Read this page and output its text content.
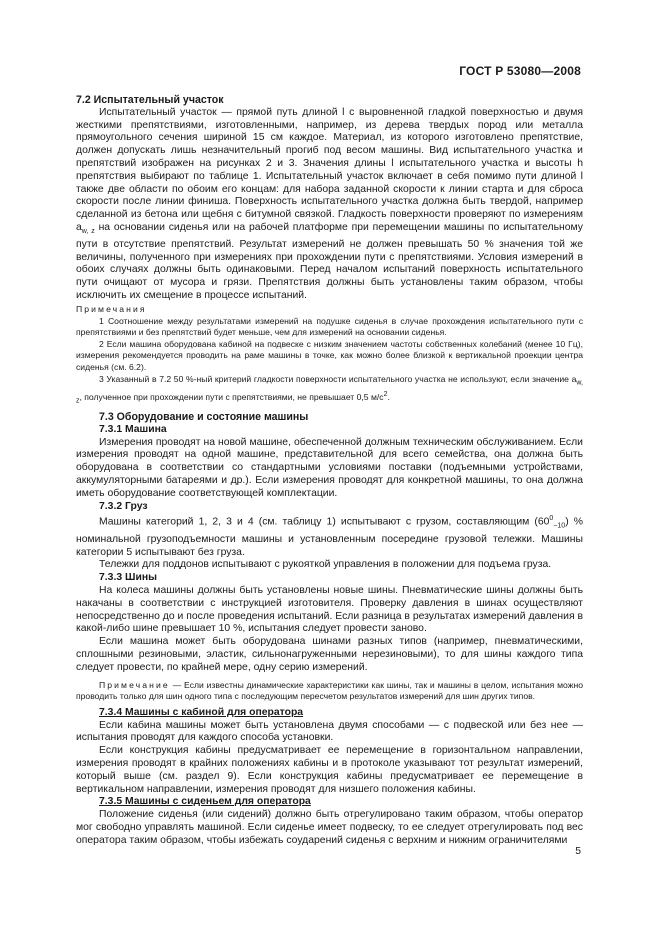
ГОСТ Р 53080—2008

7.2 Испытательный участок

Испытательный участок — прямой путь длиной l с выровненной гладкой поверхностью и двумя жесткими препятствиями, изготовленными, например, из дерева твердых пород или металла прямоугольного сечения шириной 15 см каждое. Материал, из которого изготовлено препятствие, должен допускать лишь незначительный прогиб под весом машины. Вид испытательного участка и препятствий изображен на рисунках 2 и 3. Значения длины l испытательного участка и высоты h препятствия выбирают по таблице 1. Испытательный участок включает в себя помимо пути длиной l также две области по обоим его концам: для набора заданной скорости к линии старта и для сброса скорости после линии финиша. Поверхность испытательного участка должна быть твердой, например сделанной из бетона или щебня с битумной связкой. Гладкость поверхности проверяют по измерениям $a_{w, z}$ на основании сиденья или на рабочей платформе при перемещении машины по испытательному пути в отсутствие препятствий. Результат измерений не должен превышать 50 % значения той же величины, полученного при измерениях при прохождении пути с препятствиями. Условия измерений в обоих случаях должны быть одинаковыми. Перед началом испытаний поверхность испытательного пути очищают от мусора и грязи. Препятствия должны быть установлены таким образом, чтобы исключить их смещение в процессе испытаний.

Примечания

1 Соотношение между результатами измерений на подушке сиденья в случае прохождения испытательного пути с препятствиями и без препятствий будет меньше, чем для измерений на основании сиденья.

2 Если машина оборудована кабиной на подвеске с низким значением частоты собственных колебаний (менее 10 Гц), измерения рекомендуется проводить на раме машины в точке, как можно более близкой к вертикальной проекции центра сиденья (см. 6.2).

3 Указанный в 7.2 50 %-ный критерий гладкости поверхности испытательного участка не используют, если значение $a_{w, z}$, полученное при прохождении пути с препятствиями, не превышает 0,5 $м/с^2$.

7.3 Оборудование и состояние машины

7.3.1 Машина

Измерения проводят на новой машине, обеспеченной должным техническим обслуживанием. Если измерения проводят на одной машине, представительной для всего семейства, она должна быть оборудована в соответствии со стандартными условиями поставки (подъемными устройствами, аккумуляторными батареями и др.). Если измерения проводят для конкретной машины, то она должна иметь оборудование соответствующей комплектации.

7.3.2 Груз

Машины категорий 1, 2, 3 и 4 (см. таблицу 1) испытывают с грузом, составляющим $(60^0_{-10})$ % номинальной грузоподъемности машины и установленным посередине грузовой тележки. Машины категории 5 испытывают без груза.

Тележки для поддонов испытывают с рукояткой управления в положении для подъема груза.

7.3.3 Шины

На колеса машины должны быть установлены новые шины. Пневматические шины должны быть накачаны в соответствии с инструкцией изготовителя. Проверку давления в шинах осуществляют непосредственно до и после проведения испытаний. Если разница в результатах измерений давления в какой-либо шине превышает 10 %, испытания следует провести заново.

Если машина может быть оборудована шинами разных типов (например, пневматическими, сплошными резиновыми, эластик, сильнонагруженными нерезиновыми), то для шины каждого типа следует провести, по крайней мере, одну серию измерений.

Примечание — Если известны динамические характеристики как шины, так и машины в целом, испытания можно проводить только для шин одного типа с последующим пересчетом результатов измерений для шин других типов.

7.3.4 Машины с кабиной для оператора

Если кабина машины может быть установлена двумя способами — с подвеской или без нее — испытания проводят для каждого способа установки.

Если конструкция кабины предусматривает ее перемещение в горизонтальном направлении, измерения проводят в крайних положениях кабины и в протоколе указывают тот результат измерений, который выше (см. раздел 9). Если конструкция кабины предусматривает ее перемещение в вертикальном направлении, измерения проводят для низшего положения кабины.

7.3.5 Машины с сиденьем для оператора

Положение сиденья (или сидений) должно быть отрегулировано таким образом, чтобы оператор мог свободно управлять машиной. Если сиденье имеет подвеску, то ее следует отрегулировать под вес оператора таким образом, чтобы избежать соударений сиденья с верхним и нижним ограничителями

5
